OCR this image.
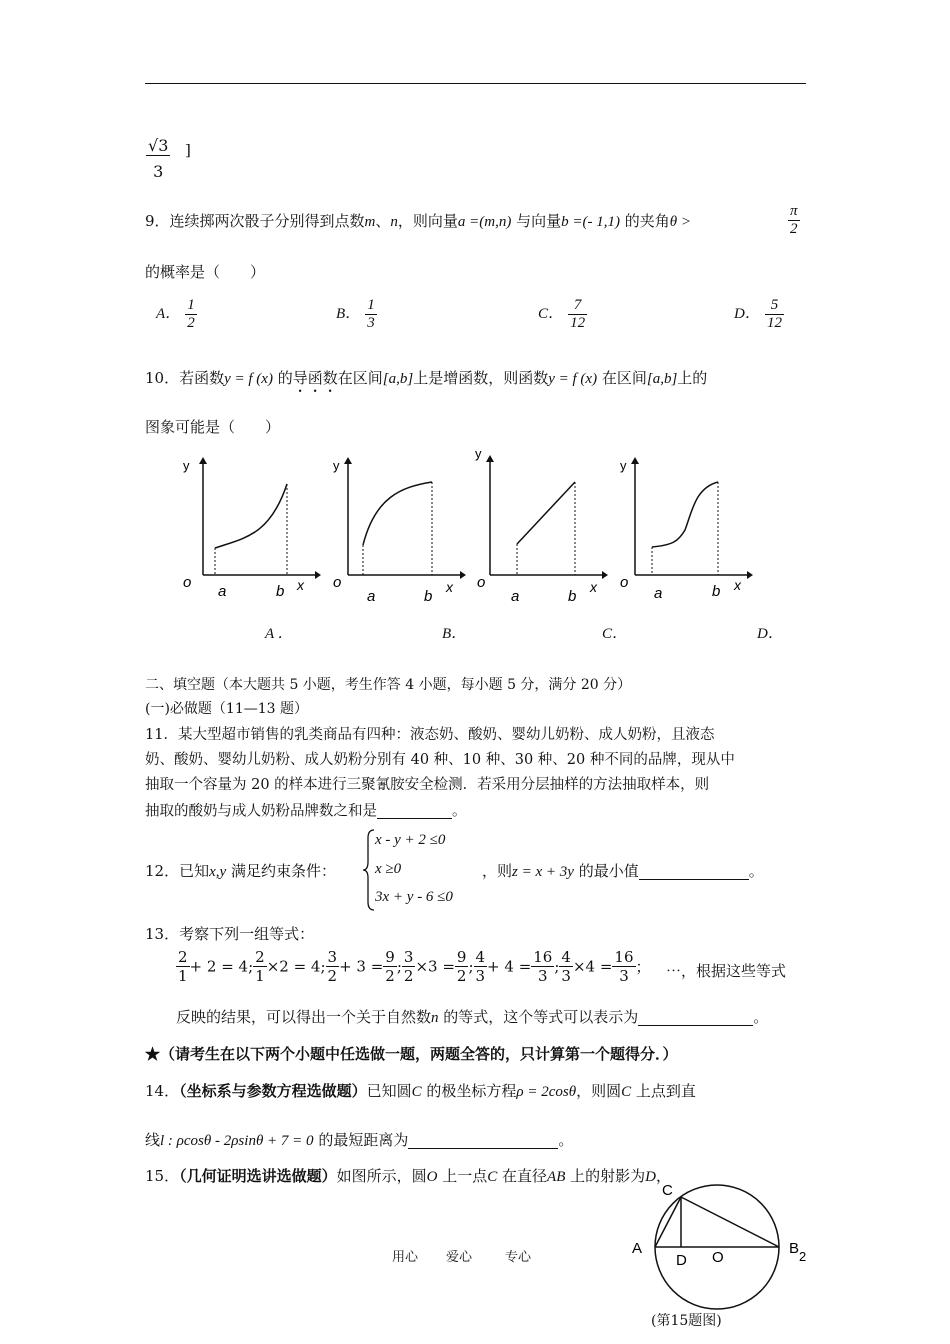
$\frac{√3}{3}$ ]
9．连续掷两次骰子分别得到点数m、n，则向量a =(m,n) 与向量b =(- 1,1) 的夹角θ >	$\frac{\pi}{2}$
的概率是（　　）
A． $\frac{1}{2}$	B． $\frac{1}{3}$	C． $\frac{7}{12}$	D． $\frac{5}{12}$
10．若函数y = f (x) 的导函数在区间[a,b]上是增函数，则函数y = f (x) 在区间[a,b]上的
图象可能是（　　）
y
o
a	b x
A ．
y
o
a	b
x
B．
y
o
a	b
x
C．
y
o
a	b x
D．
二、填空题（本大题共 5 小题，考生作答 4 小题，每小题 5 分，满分 20 分）
(一)必做题（11—13 题）
11．某大型超市销售的乳类商品有四种：液态奶、酸奶、婴幼儿奶粉、成人奶粉，且液态
奶、酸奶、婴幼儿奶粉、成人奶粉分别有 40 种、10 种、30 种、20 种不同的品牌，现从中
抽取一个容量为 20 的样本进行三聚氰胺安全检测．若采用分层抽样的方法抽取样本，则
抽取的酸奶与成人奶粉品牌数之和是	。
12．已知x,y 满足约束条件：
x - y + 2 ≤0
x ≥0
3x + y - 6 ≤0
，则z = x + 3y 的最小值	。
13．考察下列一组等式：
$\frac{2}{1} + 2 = 4$; $\frac{2}{1} \times 2 = 4$; $\frac{3}{2} + 3 = \frac{9}{2}$ ; $\frac{3}{2} \times 3 = \frac{9}{2}$ ; $\frac{4}{3} + 4 = \frac{16}{3}$ ; $\frac{4}{3} \times 4 = \frac{16}{3}$ ； ⋯，根据这些等式
反映的结果，可以得出一个关于自然数n 的等式，这个等式可以表示为	。
★（请考生在以下两个小题中任选做一题，两题全答的，只计算第一个题得分．）
14．（坐标系与参数方程选做题）已知圆C 的极坐标方程ρ = 2cosθ，则圆C 上点到直
线l : ρcosθ - 2ρsinθ + 7 = 0 的最短距离为	。
15．（几何证明选讲选做题）如图所示，圆O 上一点C 在直径AB 上的射影为D，
C
A
D O
B 2
(第15题图)
用心 爱心	专心
